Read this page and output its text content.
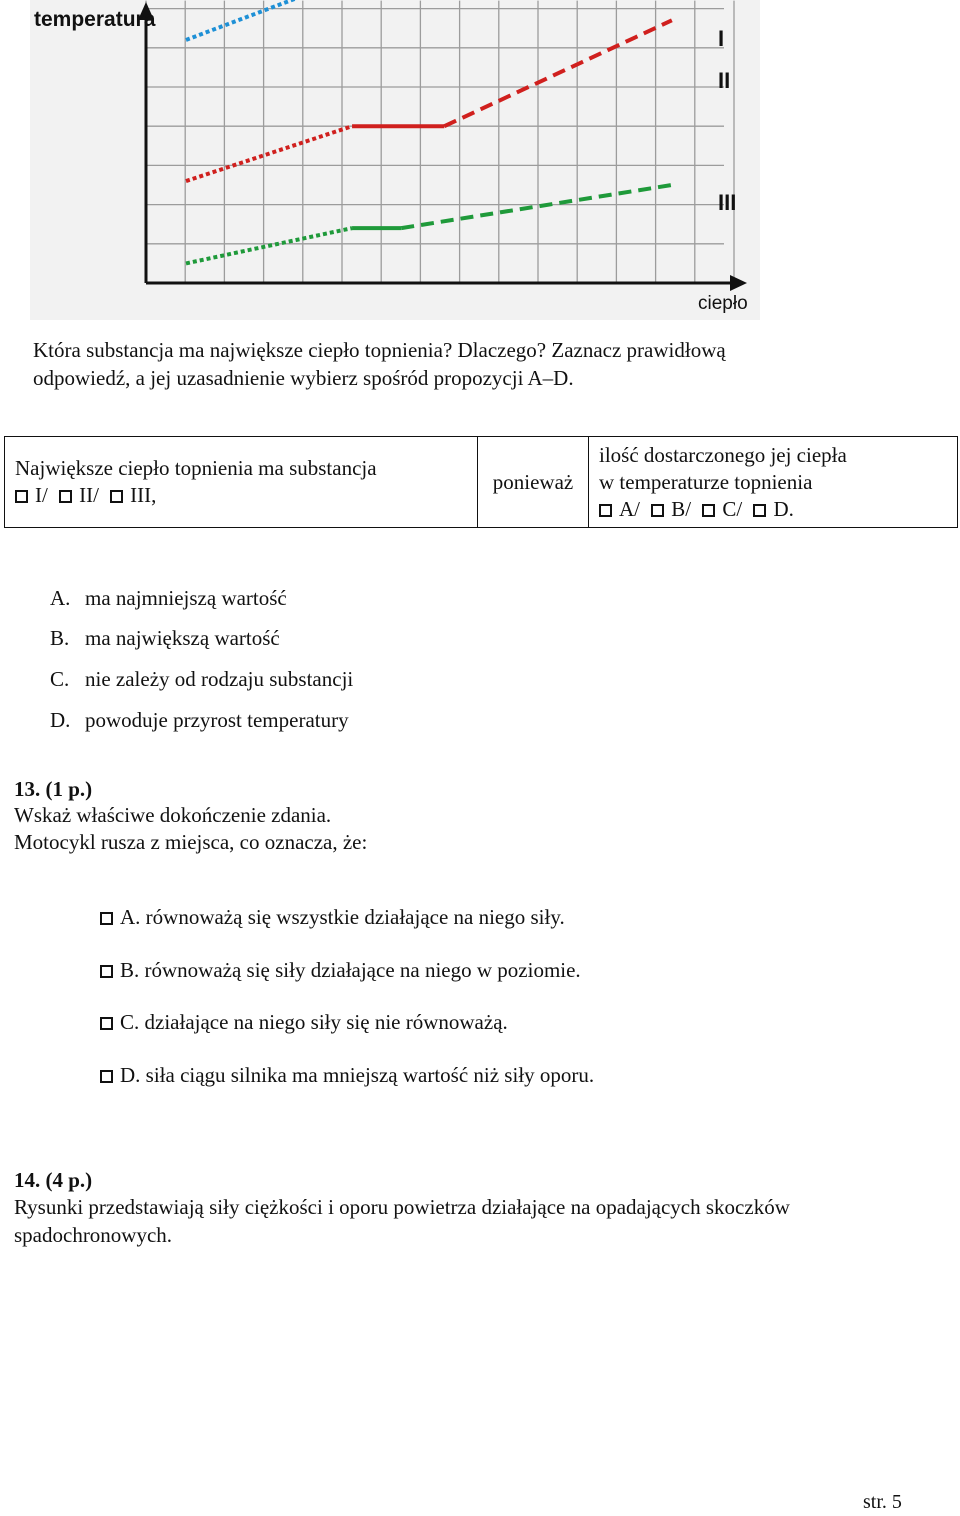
I
II
III
temperatura
ciepło

Która substancja ma największe ciepło topnienia? Dlaczego? Zaznacz prawidłową

odpowiedź, a jej uzasadnienie wybierz spośród propozycji A–D.

Największe ciepło topnienia ma substancja
I/ II/ III,
	ponieważ	
ilość dostarczonego jej ciepła
w temperaturze topnienia
A/ B/ C/ D.
A. ma najmniejszą wartość
B. ma największą wartość
C. nie zależy od rodzaju substancji
D. powoduje przyrost temperatury

13. (1 p.)

Wskaż właściwe dokończenie zdania.

Motocykl rusza z miejsca, co oznacza, że:

A. równoważą się wszystkie działające na niego siły.
B. równoważą się siły działające na niego w poziomie.
C. działające na niego siły się nie równoważą.
D. siła ciągu silnika ma mniejszą wartość niż siły oporu.

14. (4 p.)

Rysunki przedstawiają siły ciężkości i oporu powietrza działające na opadających skoczków

spadochronowych.

str. 5
